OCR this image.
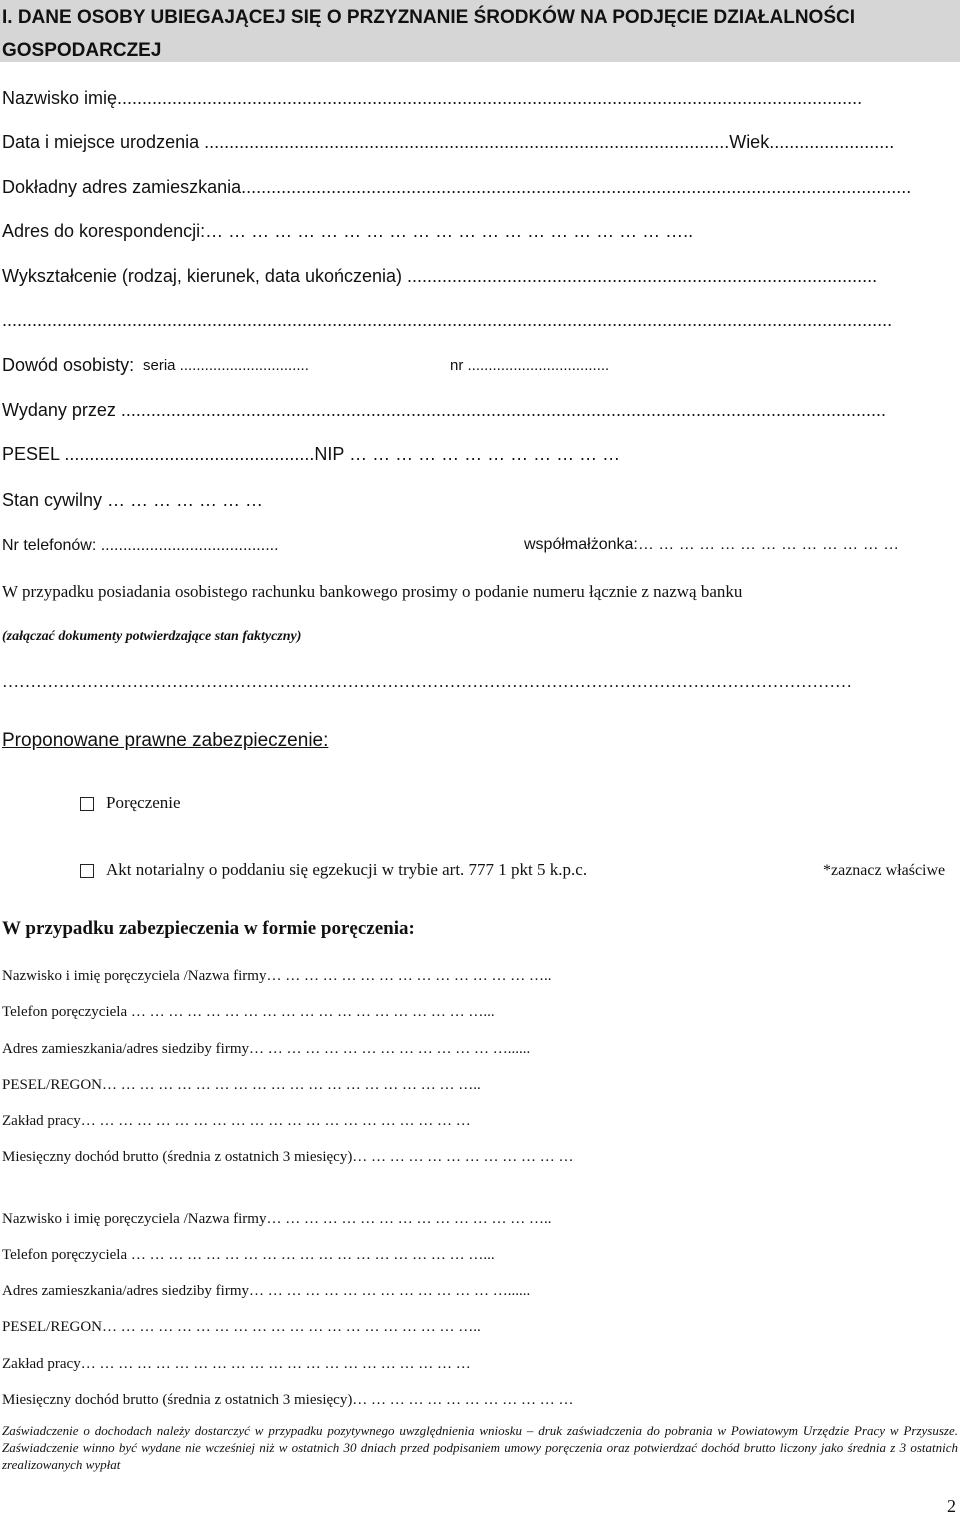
I. DANE OSOBY UBIEGAJĄCEJ SIĘ O PRZYZNANIE ŚRODKÓW NA PODJĘCIE DZIAŁALNOŚCI GOSPODARCZEJ
Nazwisko imię.....................................................................................................................................................
Data i miejsce urodzenia .........................................................................................................Wiek.........................
Dokładny adres zamieszkania......................................................................................................................................
Adres do korespondencji:… … … … … … … … … … … … … … … … … … … … …..
Wykształcenie (rodzaj, kierunek, data ukończenia) ..............................................................................................
..................................................................................................................................................................................
Dowód osobisty: seria ...............................	nr ..................................
Wydany przez .........................................................................................................................................................
PESEL ..................................................NIP … … … … … … … … … … … …
Stan cywilny … … … … … … …
Nr telefonów: ........................................	współmałżonka:… … … … … … … … … … … … …
W przypadku posiadania osobistego rachunku bankowego prosimy o podanie numeru łącznie z nazwą banku
(załączać dokumenty potwierdzające stan faktyczny)
……………………………………………………………………………………………………………………………………
Proponowane prawne zabezpieczenie:
Poręczenie
Akt notarialny o poddaniu się egzekucji w trybie art. 777 1 pkt 5 k.p.c.	*zaznacz właściwe
W przypadku zabezpieczenia w formie poręczenia:
Nazwisko i imię poręczyciela /Nazwa firmy… … … … … … … … … … … … … … …..
Telefon poręczyciela … … … … … … … … … … … … … … … … … … …...
Adres zamieszkania/adres siedziby firmy… … … … … … … … … … … … … …......
PESEL/REGON… … … … … … … … … … … … … … … … … … … …..
Zakład pracy… … … … … … … … … … … … … … … … … … … … …
Miesięczny dochód brutto (średnia z ostatnich 3 miesięcy)… … … … … … … … … … … …
Nazwisko i imię poręczyciela /Nazwa firmy… … … … … … … … … … … … … … …..
Telefon poręczyciela … … … … … … … … … … … … … … … … … … …...
Adres zamieszkania/adres siedziby firmy… … … … … … … … … … … … … …......
PESEL/REGON… … … … … … … … … … … … … … … … … … … …..
Zakład pracy… … … … … … … … … … … … … … … … … … … … …
Miesięczny dochód brutto (średnia z ostatnich 3 miesięcy)… … … … … … … … … … … …

Zaświadczenie o dochodach należy dostarczyć w przypadku pozytywnego uwzględnienia wniosku – druk zaświadczenia do pobrania w Powiatowym Urzędzie Pracy w Przysusze. Zaświadczenie winno być wydane nie wcześniej niż w ostatnich 30 dniach przed podpisaniem umowy poręczenia oraz potwierdzać dochód brutto liczony jako średnia z 3 ostatnich zrealizowanych wypłat

2
